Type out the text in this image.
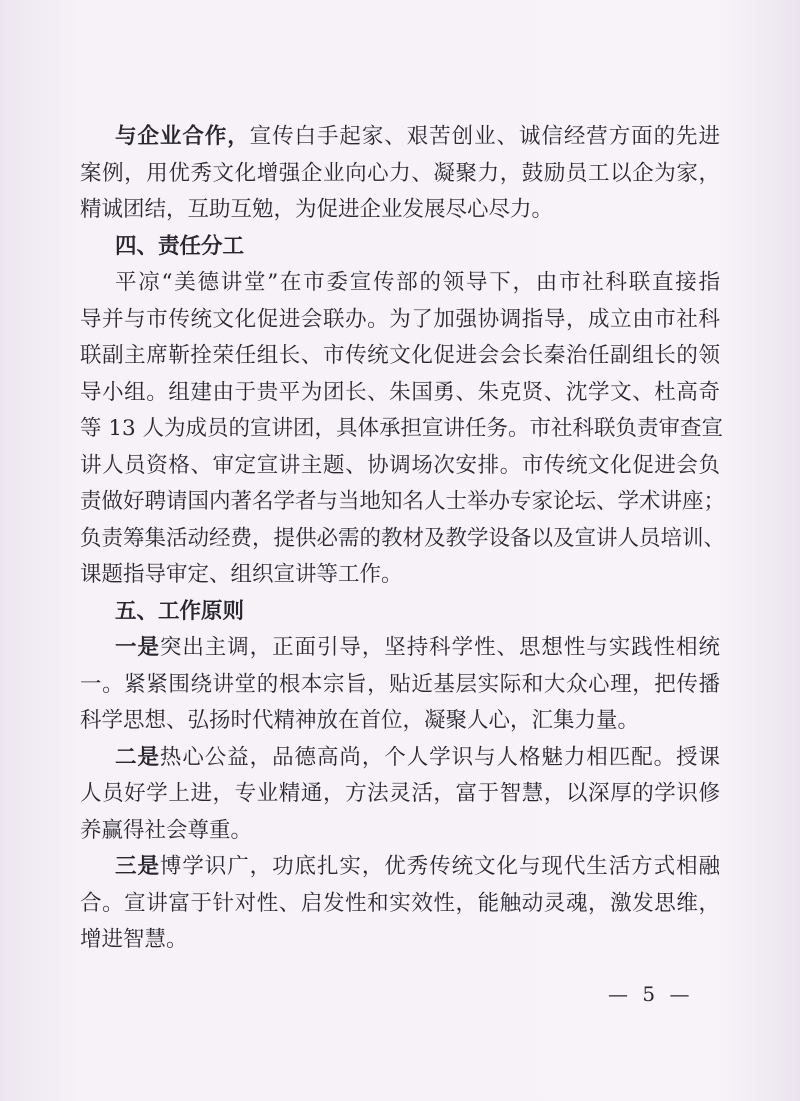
与企业合作，宣传白手起家、艰苦创业、诚信经营方面的先进
案例，用优秀文化增强企业向心力、凝聚力，鼓励员工以企为家，
精诚团结，互助互勉，为促进企业发展尽心尽力。
四、责任分工
平凉“美德讲堂”在市委宣传部的领导下，由市社科联直接指
导并与市传统文化促进会联办。为了加强协调指导，成立由市社科
联副主席靳拴荣任组长、市传统文化促进会会长秦治任副组长的领
导小组。组建由于贵平为团长、朱国勇、朱克贤、沈学文、杜高奇
等 13 人为成员的宣讲团，具体承担宣讲任务。市社科联负责审查宣
讲人员资格、审定宣讲主题、协调场次安排。市传统文化促进会负
责做好聘请国内著名学者与当地知名人士举办专家论坛、学术讲座；
负责筹集活动经费，提供必需的教材及教学设备以及宣讲人员培训、
课题指导审定、组织宣讲等工作。
五、工作原则
一是突出主调，正面引导，坚持科学性、思想性与实践性相统
一。紧紧围绕讲堂的根本宗旨，贴近基层实际和大众心理，把传播
科学思想、弘扬时代精神放在首位，凝聚人心，汇集力量。
二是热心公益，品德高尚，个人学识与人格魅力相匹配。授课
人员好学上进，专业精通，方法灵活，富于智慧，以深厚的学识修
养赢得社会尊重。
三是博学识广，功底扎实，优秀传统文化与现代生活方式相融
合。宣讲富于针对性、启发性和实效性，能触动灵魂，激发思维，
增进智慧。
— 5 —
